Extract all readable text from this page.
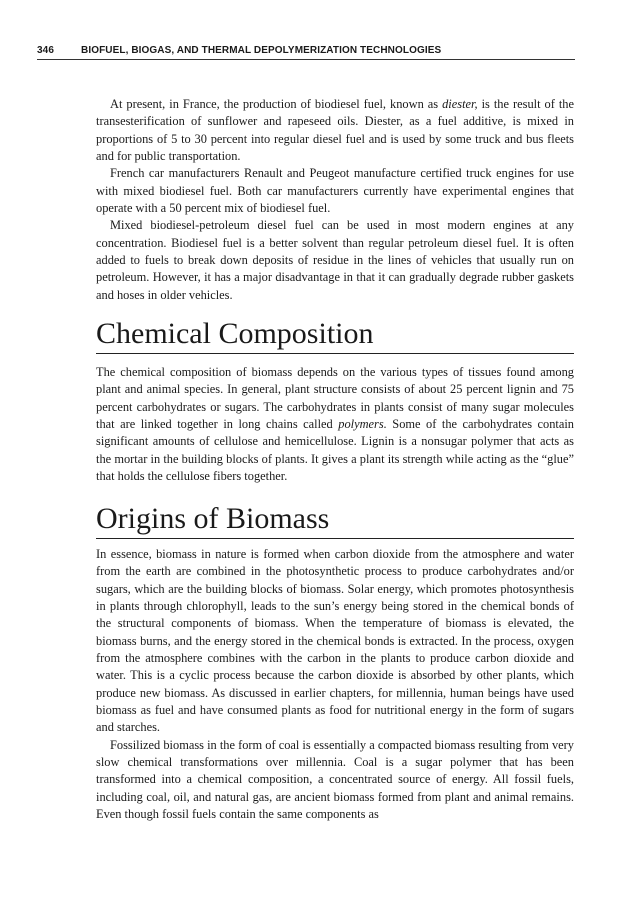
346	BIOFUEL, BIOGAS, AND THERMAL DEPOLYMERIZATION TECHNOLOGIES

At present, in France, the production of biodiesel fuel, known as diester, is the result of the transesterification of sunflower and rapeseed oils. Diester, as a fuel additive, is mixed in proportions of 5 to 30 percent into regular diesel fuel and is used by some truck and bus fleets and for public transportation.

French car manufacturers Renault and Peugeot manufacture certified truck engines for use with mixed biodiesel fuel. Both car manufacturers currently have experimental engines that operate with a 50 percent mix of biodiesel fuel.

Mixed biodiesel-petroleum diesel fuel can be used in most modern engines at any concentration. Biodiesel fuel is a better solvent than regular petroleum diesel fuel. It is often added to fuels to break down deposits of residue in the lines of vehicles that usually run on petroleum. However, it has a major disadvantage in that it can gradually degrade rubber gaskets and hoses in older vehicles.

Chemical Composition

The chemical composition of biomass depends on the various types of tissues found among plant and animal species. In general, plant structure consists of about 25 percent lignin and 75 percent carbohydrates or sugars. The carbohydrates in plants consist of many sugar molecules that are linked together in long chains called polymers. Some of the carbohydrates contain significant amounts of cellulose and hemicellulose. Lignin is a nonsugar polymer that acts as the mortar in the building blocks of plants. It gives a plant its strength while acting as the “glue” that holds the cellulose fibers together.

Origins of Biomass

In essence, biomass in nature is formed when carbon dioxide from the atmosphere and water from the earth are combined in the photosynthetic process to produce carbohydrates and/or sugars, which are the building blocks of biomass. Solar energy, which promotes photosynthesis in plants through chlorophyll, leads to the sun’s energy being stored in the chemical bonds of the structural components of biomass. When the temperature of biomass is elevated, the biomass burns, and the energy stored in the chemical bonds is extracted. In the process, oxygen from the atmosphere combines with the carbon in the plants to produce carbon dioxide and water. This is a cyclic process because the carbon dioxide is absorbed by other plants, which produce new biomass. As discussed in earlier chapters, for millennia, human beings have used biomass as fuel and have consumed plants as food for nutritional energy in the form of sugars and starches.

Fossilized biomass in the form of coal is essentially a compacted biomass resulting from very slow chemical transformations over millennia. Coal is a sugar polymer that has been transformed into a chemical composition, a concentrated source of energy. All fossil fuels, including coal, oil, and natural gas, are ancient biomass formed from plant and animal remains. Even though fossil fuels contain the same components as
